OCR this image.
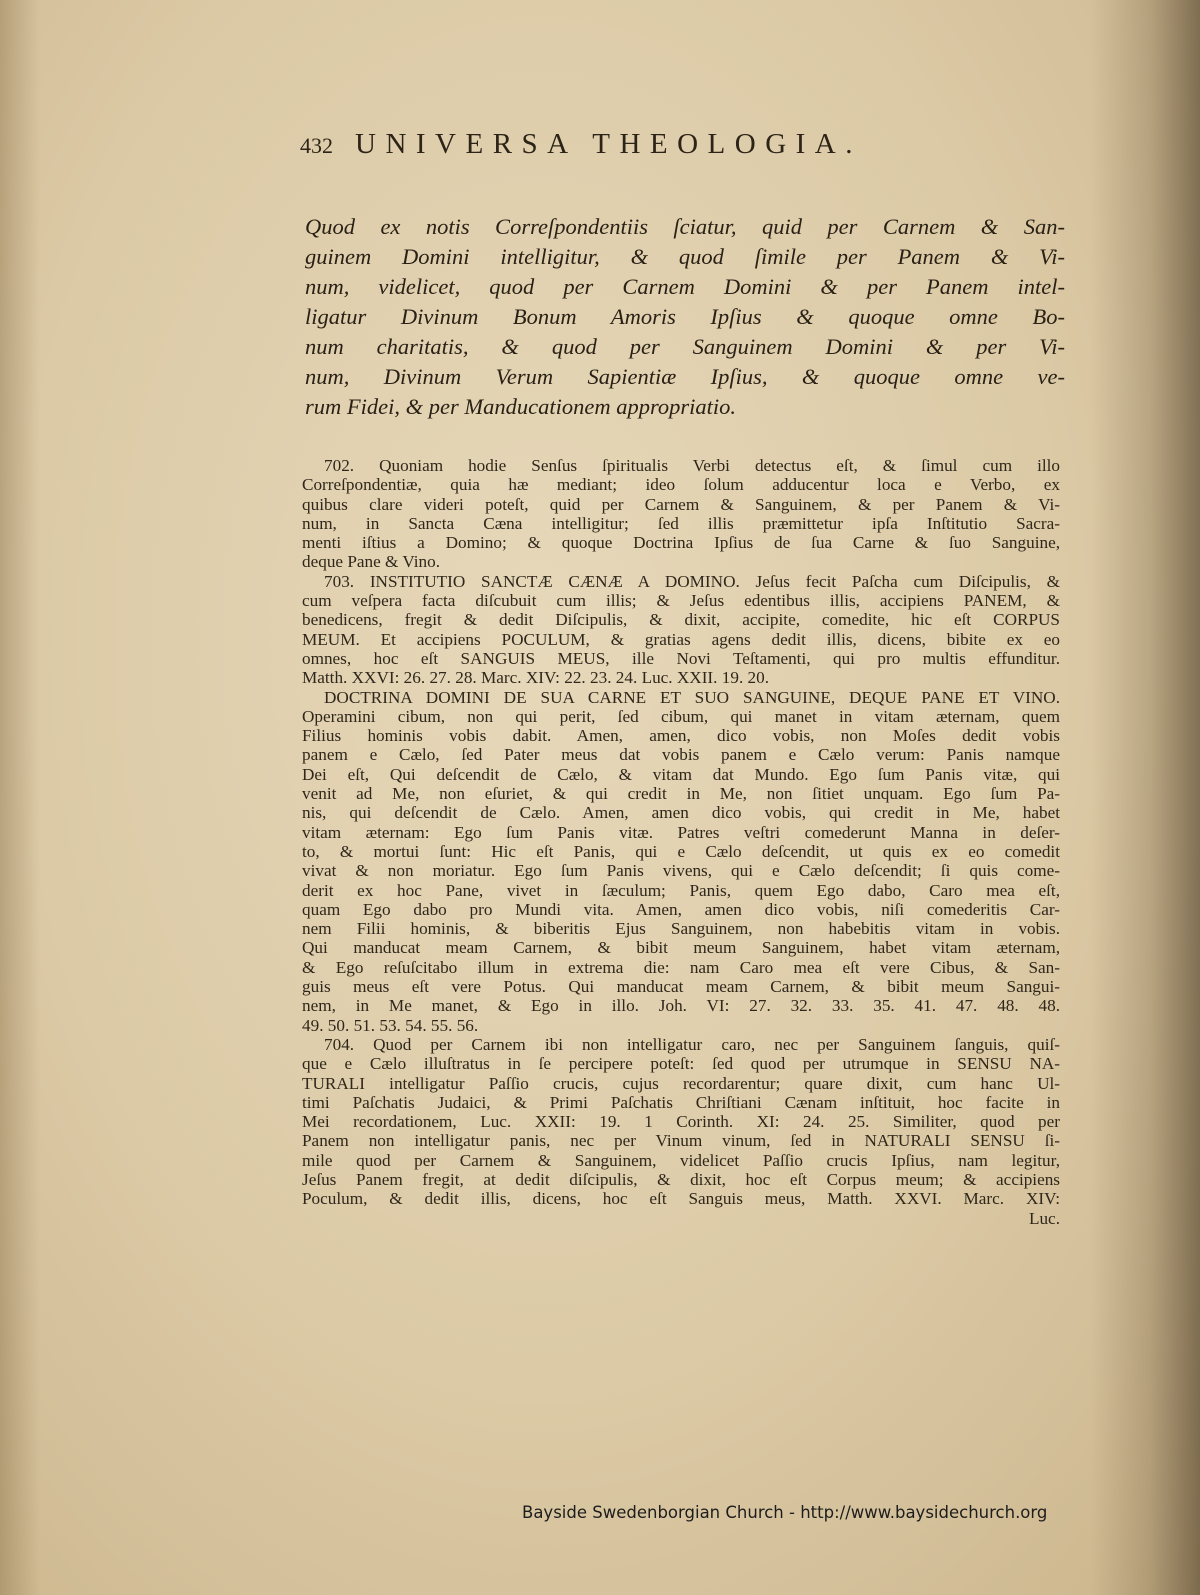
432 UNIVERSA THEOLOGIA.
Quod ex notis Correſpondentiis ſciatur, quid per Carnem & San-
guinem Domini intelligitur, & quod ſimile per Panem & Vi-
num, videlicet, quod per Carnem Domini & per Panem intel-
ligatur Divinum Bonum Amoris Ipſius & quoque omne Bo-
num charitatis, & quod per Sanguinem Domini & per Vi-
num, Divinum Verum Sapientiæ Ipſius, & quoque omne ve-
rum Fidei, & per Manducationem appropriatio.
702. Quoniam hodie Senſus ſpiritualis Verbi detectus eſt, & ſimul cum illo
Correſpondentiæ, quia hæ mediant; ideo ſolum adducentur loca e Verbo, ex
quibus clare videri poteſt, quid per Carnem & Sanguinem, & per Panem & Vi-
num, in Sancta Cæna intelligitur; ſed illis præmittetur ipſa Inſtitutio Sacra-
menti iſtius a Domino; & quoque Doctrina Ipſius de ſua Carne & ſuo Sanguine,
deque Pane & Vino.
703. INSTITUTIO SANCTÆ CÆNÆ A DOMINO. Jeſus fecit Paſcha cum Diſcipulis, &
cum veſpera facta diſcubuit cum illis; & Jeſus edentibus illis, accipiens PANEM, &
benedicens, fregit & dedit Diſcipulis, & dixit, accipite, comedite, hic eſt CORPUS
MEUM. Et accipiens POCULUM, & gratias agens dedit illis, dicens, bibite ex eo
omnes, hoc eſt SANGUIS MEUS, ille Novi Teſtamenti, qui pro multis effunditur.
Matth. XXVI: 26. 27. 28. Marc. XIV: 22. 23. 24. Luc. XXII. 19. 20.
DOCTRINA DOMINI DE SUA CARNE ET SUO SANGUINE, DEQUE PANE ET VINO.
Operamini cibum, non qui perit, ſed cibum, qui manet in vitam æternam, quem
Filius hominis vobis dabit. Amen, amen, dico vobis, non Moſes dedit vobis
panem e Cælo, ſed Pater meus dat vobis panem e Cælo verum: Panis namque
Dei eſt, Qui deſcendit de Cælo, & vitam dat Mundo. Ego ſum Panis vitæ, qui
venit ad Me, non eſuriet, & qui credit in Me, non ſitiet unquam. Ego ſum Pa-
nis, qui deſcendit de Cælo. Amen, amen dico vobis, qui credit in Me, habet
vitam æternam: Ego ſum Panis vitæ. Patres veſtri comederunt Manna in deſer-
to, & mortui ſunt: Hic eſt Panis, qui e Cælo deſcendit, ut quis ex eo comedit
vivat & non moriatur. Ego ſum Panis vivens, qui e Cælo deſcendit; ſi quis come-
derit ex hoc Pane, vivet in ſæculum; Panis, quem Ego dabo, Caro mea eſt,
quam Ego dabo pro Mundi vita. Amen, amen dico vobis, niſi comederitis Car-
nem Filii hominis, & biberitis Ejus Sanguinem, non habebitis vitam in vobis.
Qui manducat meam Carnem, & bibit meum Sanguinem, habet vitam æternam,
& Ego reſuſcitabo illum in extrema die: nam Caro mea eſt vere Cibus, & San-
guis meus eſt vere Potus. Qui manducat meam Carnem, & bibit meum Sangui-
nem, in Me manet, & Ego in illo. Joh. VI: 27. 32. 33. 35. 41. 47. 48. 48.
49. 50. 51. 53. 54. 55. 56.
704. Quod per Carnem ibi non intelligatur caro, nec per Sanguinem ſanguis, quiſ-
que e Cælo illuſtratus in ſe percipere poteſt: ſed quod per utrumque in SENSU NA-
TURALI intelligatur Paſſio crucis, cujus recordarentur; quare dixit, cum hanc Ul-
timi Paſchatis Judaici, & Primi Paſchatis Chriſtiani Cænam inſtituit, hoc facite in
Mei recordationem, Luc. XXII: 19. 1 Corinth. XI: 24. 25. Similiter, quod per
Panem non intelligatur panis, nec per Vinum vinum, ſed in NATURALI SENSU ſi-
mile quod per Carnem & Sanguinem, videlicet Paſſio crucis Ipſius, nam legitur,
Jeſus Panem fregit, at dedit diſcipulis, & dixit, hoc eſt Corpus meum; & accipiens
Poculum, & dedit illis, dicens, hoc eſt Sanguis meus, Matth. XXVI. Marc. XIV:
Luc.
Bayside Swedenborgian Church - http://www.baysidechurch.org
